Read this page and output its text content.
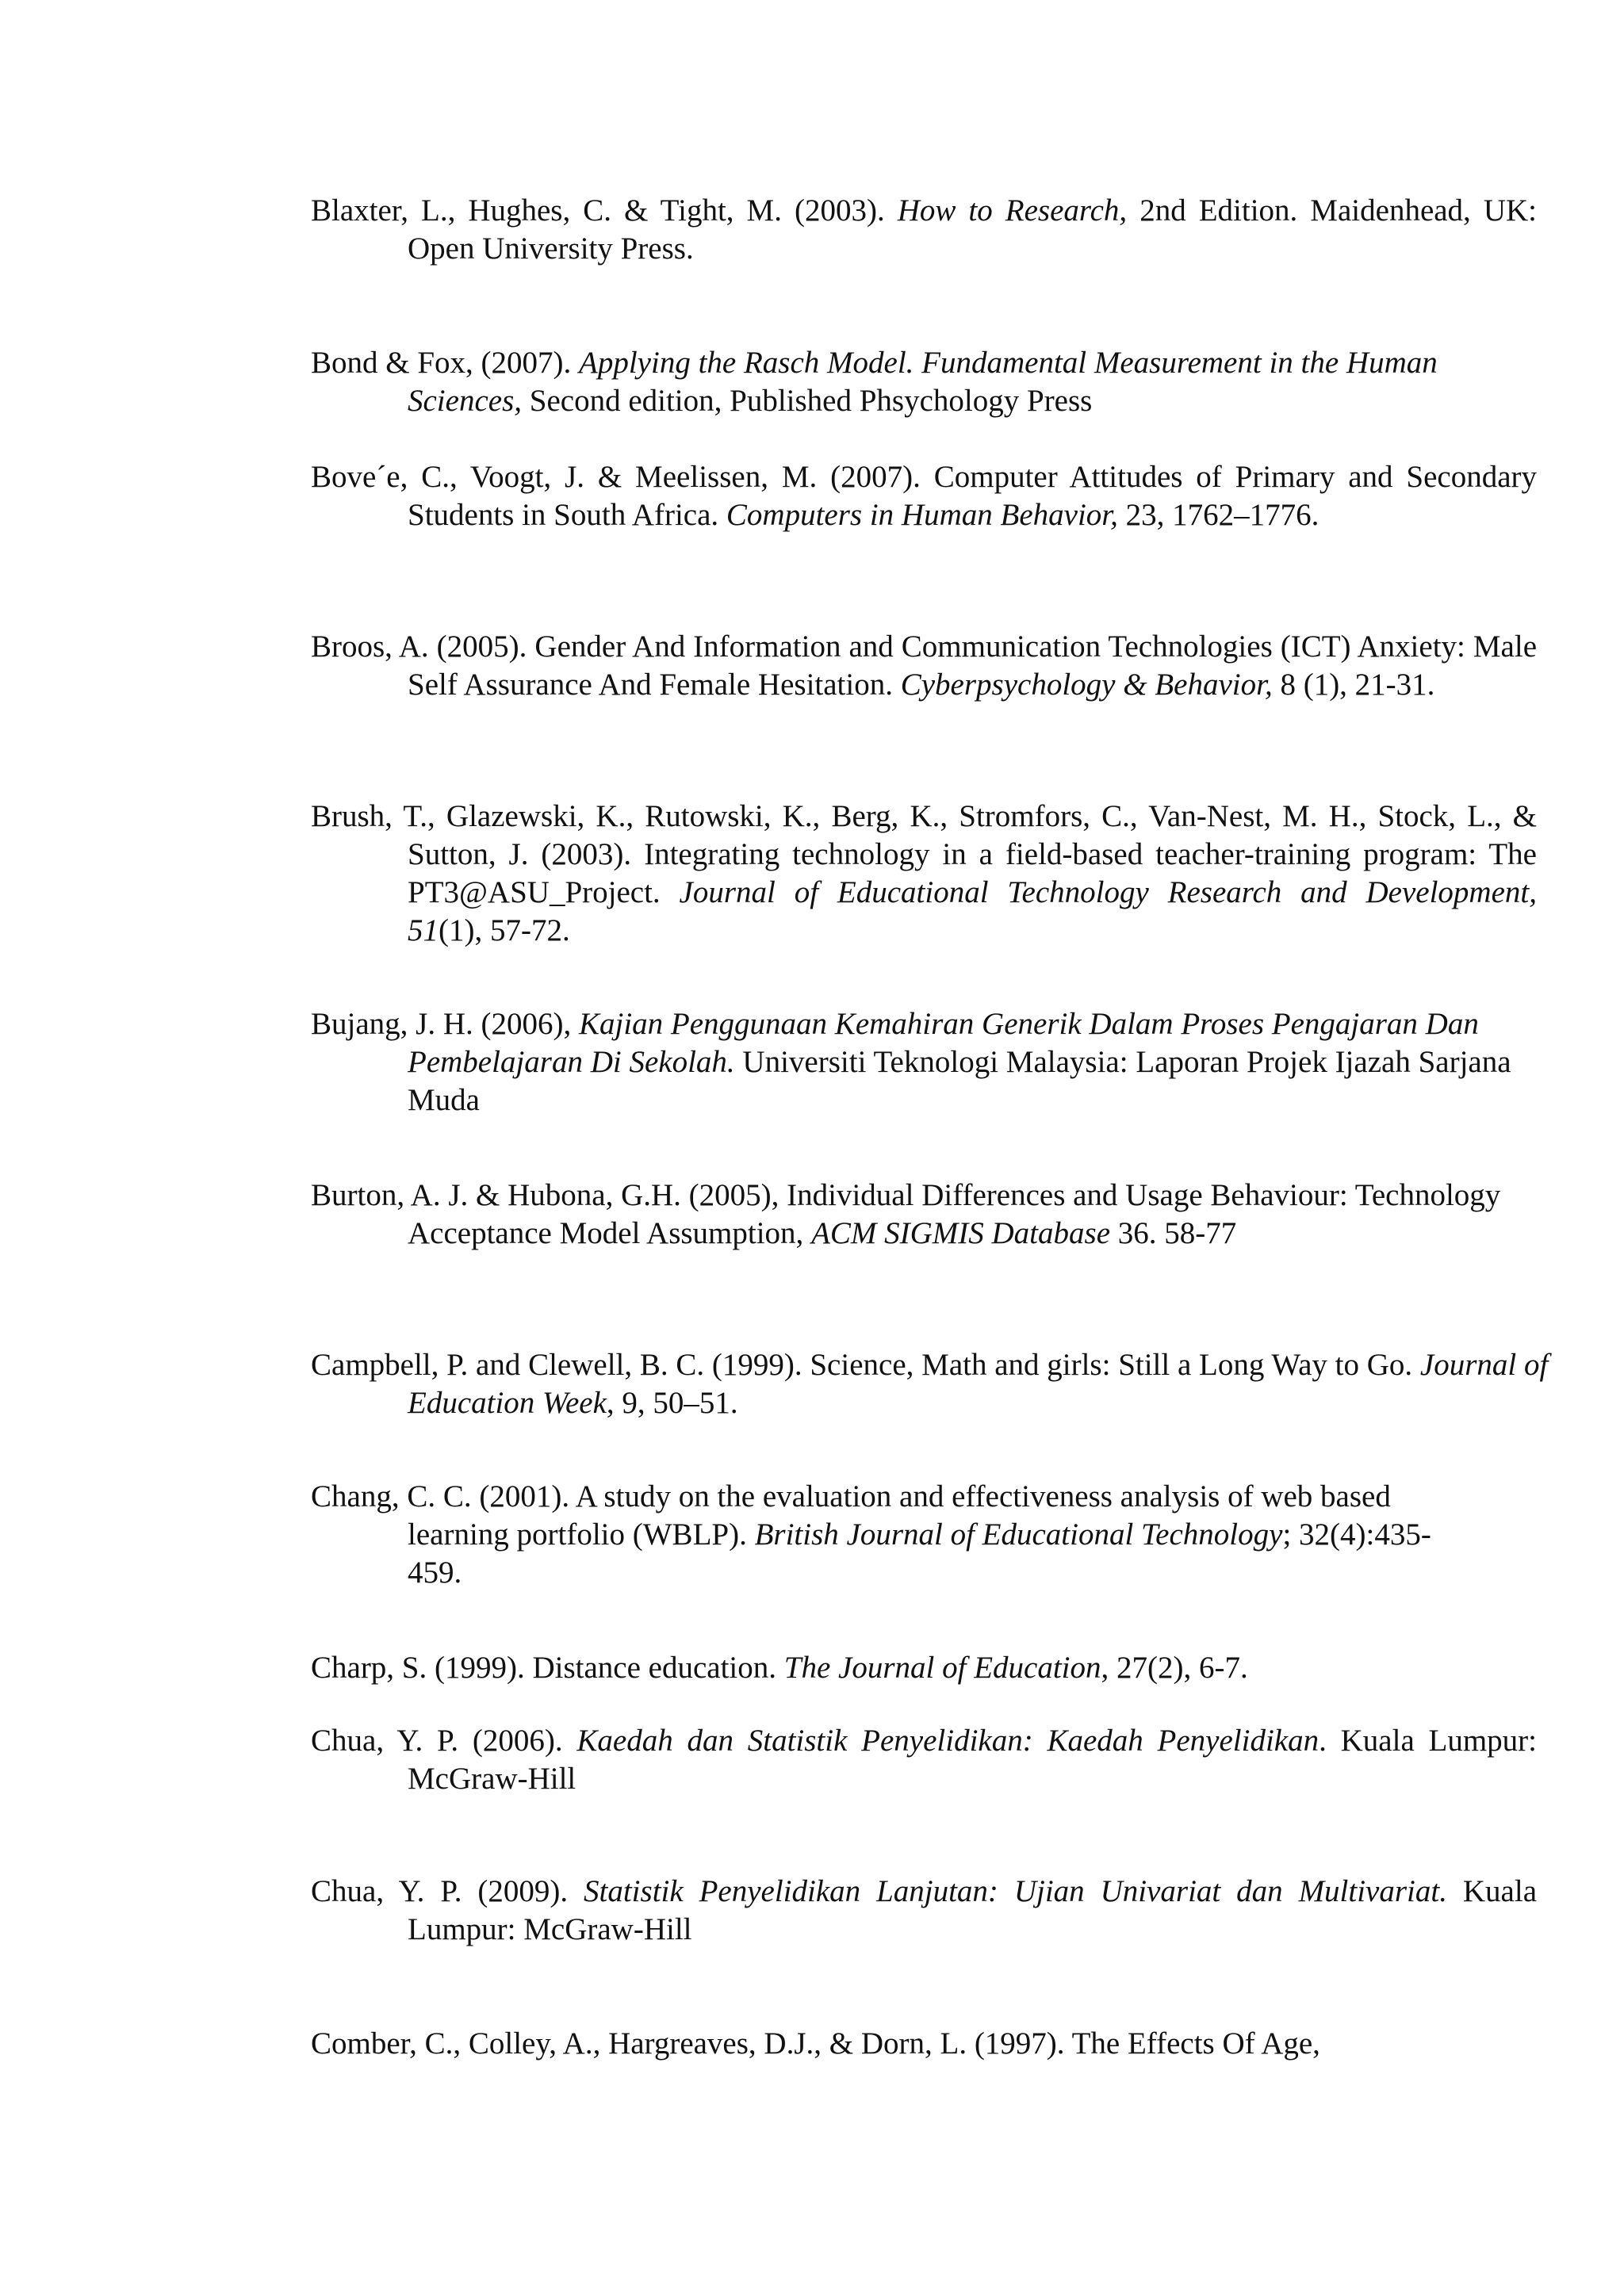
Blaxter, L., Hughes, C. & Tight, M. (2003). How to Research, 2nd Edition. Maidenhead, UK: Open University Press.

Bond & Fox, (2007). Applying the Rasch Model. Fundamental Measurement in the Human Sciences, Second edition, Published Phsychology Press

Bove´e, C., Voogt, J. & Meelissen, M. (2007). Computer Attitudes of Primary and Secondary Students in South Africa. Computers in Human Behavior, 23, 1762–1776.

Broos, A. (2005). Gender And Information and Communication Technologies (ICT) Anxiety: Male Self Assurance And Female Hesitation. Cyberpsychology & Behavior, 8 (1), 21-31.

Brush, T., Glazewski, K., Rutowski, K., Berg, K., Stromfors, C., Van-Nest, M. H., Stock, L., & Sutton, J. (2003). Integrating technology in a field-based teacher-training program: The PT3@ASU_Project. Journal of Educational Technology Research and Development, 51(1), 57-72.

Bujang, J. H. (2006), Kajian Penggunaan Kemahiran Generik Dalam Proses Pengajaran Dan Pembelajaran Di Sekolah. Universiti Teknologi Malaysia: Laporan Projek Ijazah Sarjana Muda

Burton, A. J. & Hubona, G.H. (2005), Individual Differences and Usage Behaviour: Technology Acceptance Model Assumption, ACM SIGMIS Database 36. 58-77

Campbell, P. and Clewell, B. C. (1999). Science, Math and girls: Still a Long Way to Go. Journal of Education Week, 9, 50–51.

Chang, C. C. (2001). A study on the evaluation and effectiveness analysis of web based learning portfolio (WBLP). British Journal of Educational Technology; 32(4):435-459.

Charp, S. (1999). Distance education. The Journal of Education, 27(2), 6-7.

Chua, Y. P. (2006). Kaedah dan Statistik Penyelidikan: Kaedah Penyelidikan. Kuala Lumpur: McGraw-Hill

Chua, Y. P. (2009). Statistik Penyelidikan Lanjutan: Ujian Univariat dan Multivariat. Kuala Lumpur: McGraw-Hill

Comber, C., Colley, A., Hargreaves, D.J., & Dorn, L. (1997). The Effects Of Age,
